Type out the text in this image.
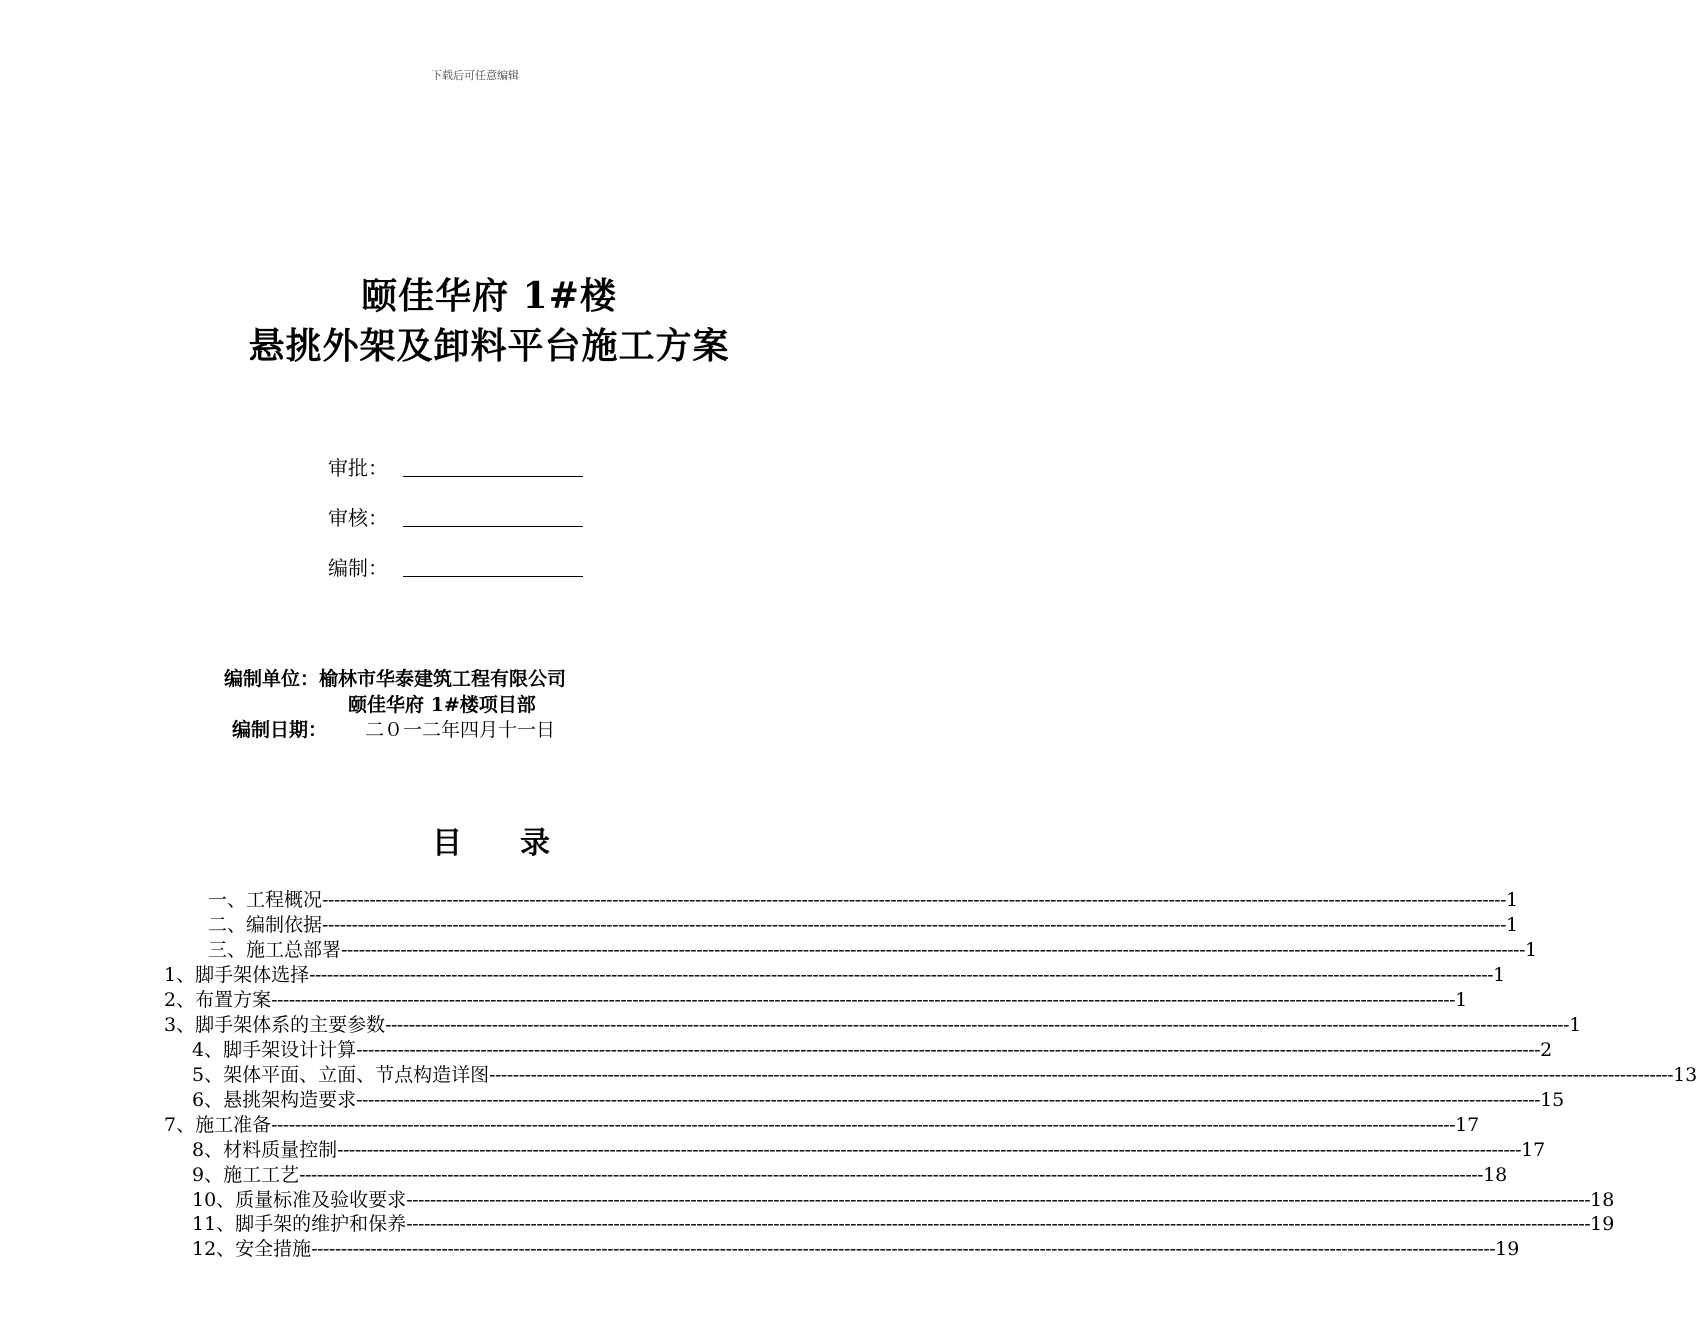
下载后可任意编辑
颐佳华府 1#楼
悬挑外架及卸料平台施工方案
审批：
审核：
编制：
编制单位：榆林市华泰建筑工程有限公司
颐佳华府 1#楼项目部
编制日期： 二０一二年四月十一日
目录
一、工程概况 -------------------------------------------------------------------------------------------------------------------------------------------------------------------------------------------------------- 1
二、编制依据 -------------------------------------------------------------------------------------------------------------------------------------------------------------------------------------------------------- 1
三、施工总部署 -------------------------------------------------------------------------------------------------------------------------------------------------------------------------------------------------------- 1
1、脚手架体选择 -------------------------------------------------------------------------------------------------------------------------------------------------------------------------------------------------------- 1
2、布置方案 -------------------------------------------------------------------------------------------------------------------------------------------------------------------------------------------------------- 1
3、脚手架体系的主要参数 -------------------------------------------------------------------------------------------------------------------------------------------------------------------------------------------------------- 1
4、脚手架设计计算 -------------------------------------------------------------------------------------------------------------------------------------------------------------------------------------------------------- 2
5、架体平面、立面、节点构造详图 -------------------------------------------------------------------------------------------------------------------------------------------------------------------------------------------------------- 13
6、悬挑架构造要求 -------------------------------------------------------------------------------------------------------------------------------------------------------------------------------------------------------- 15
7、施工准备 -------------------------------------------------------------------------------------------------------------------------------------------------------------------------------------------------------- 17
8、材料质量控制 -------------------------------------------------------------------------------------------------------------------------------------------------------------------------------------------------------- 17
9、施工工艺 -------------------------------------------------------------------------------------------------------------------------------------------------------------------------------------------------------- 18
10、质量标准及验收要求 -------------------------------------------------------------------------------------------------------------------------------------------------------------------------------------------------------- 18
11、脚手架的维护和保养 -------------------------------------------------------------------------------------------------------------------------------------------------------------------------------------------------------- 19
12、安全措施 -------------------------------------------------------------------------------------------------------------------------------------------------------------------------------------------------------- 19
